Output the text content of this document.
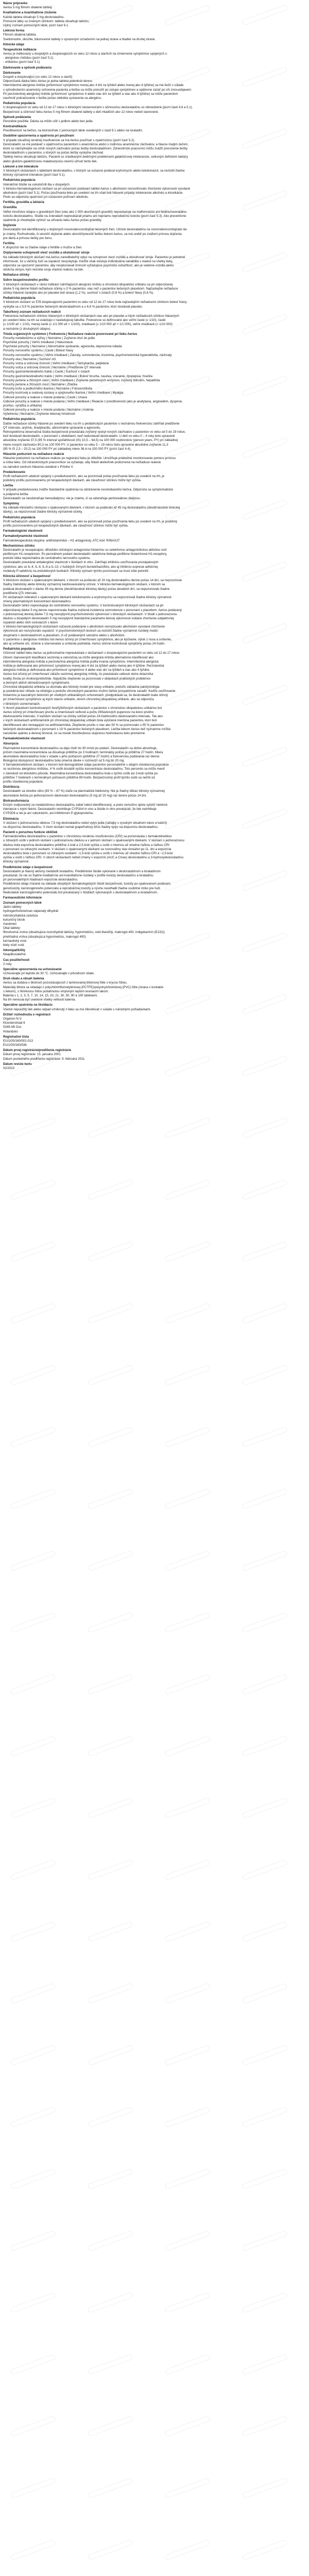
Názov prípravku
Aerius 5 mg filmom obalené tablety
Kvalitatívne a kvantitatívne zloženie
Každá tableta obsahuje 5 mg desloratadínu.
Pomocné látky so známym účinkom: tableta obsahuje laktózu.
Úplný zoznam pomocných látok, pozri časť 6.1.
Lieková forma
Filmom obalená tableta.
Svetlomodré, okrúhle, bikonvexné tablety s vyrazeným označením na jednej strane a hladké na druhej strane.
Klinické údaje
Terapeutické indikácie
Aerius je indikovaný u dospelých a dospievajúcich vo veku 12 rokov a starších na zmiernenie symptómov spojených s:
- alergickou rinitídou (pozri časť 5.1)
- urtikáriou (pozri časť 5.1)
Dávkovanie a spôsob podávania
Dávkovanie
Dospelí a dospievajúci (vo veku 12 rokov a starší)
Odporúčaná dávka lieku Aerius je jedna tableta jedenkrát denne.
Intermitentná alergická rinitída (prítomnosť symptómov menej ako 4 dni za týždeň alebo menej ako 4 týždne) sa má liečiť v súlade
s vyhodnotením anamnézy ochorenia pacienta a liečba sa môže prerušiť po ústupe symptómov a opätovne začať po ich znovuobjavení.
Pri perzistentnej alergickej rinitíde (prítomnosť symptómov 4 alebo viac dní za týždeň a viac ako 4 týždne) sa môže pacientom
navrhnúť pokračovanie v liečbe počas obdobia vystavenia sa alergénu.
Pediatrická populácia
U dospievajúcich vo veku od 12 do 17 rokov s klinickými skúsenosťami s účinnosťou desloratadínu sú obmedzené (pozri časti 4.8 a 5.1).
Bezpečnosť a účinnosť lieku Aerius 5 mg filmom obalené tablety u detí mladších ako 12 rokov neboli stanovené.
Spôsob podávania
Perorálne použitie. Dávka sa môže užiť s jedlom alebo bez jedla.
Kontraindikácie
Precitlivenosť na liečivo, na ktorúkoľvek z pomocných látok uvedených v časti 6.1 alebo na loratadín.
Osobitné upozornenia a opatrenia pri používaní
V prípade závažnej renálnej insuficiencie sa má Aerius používať s opatrnosťou (pozri časť 5.2).
Desloratadín sa má podávať s opatrnosťou pacientom s anamnézou alebo s rodinnou anamnézou záchvatov, a hlavne malým deťom,
ktoré sú náchylnejšie na vznik nových záchvatov počas liečby desloratadínom. Zdravotnícki pracovníci môžu zvážiť prerušenie liečby
desloratadínom u pacientov, u ktorých sa počas liečby vyskytne záchvat.
Tablety Aerius obsahujú laktózu. Pacienti so zriedkavými dedičnými problémami galaktózovej intolerancie, celkovým deficitom laktázy
alebo glukózo-galaktózovou malabsorpciou nesmú užívať tento liek.
Liekové a iné interakcie
V klinických skúšaniach s tabletami desloratadínu, v ktorých sa súčasne podával erytromycín alebo ketokonazol, sa nezistili žiadne
klinicky významné interakcie (pozri časť 5.1).
Pediatrická populácia
Interakčné štúdie sa uskutočnili iba u dospelých.
V klinicko-farmakologickom skúšaní sa pri súčasnom podávaní tabliet Aerius s alkoholom nezosilňovalo zhoršenie výkonnosti vyvolané
alkoholom (pozri časť 5.1). Počas používania lieku po uvedení na trh však boli hlásené prípady intolerancie alkoholu a intoxikácie.
Preto sa odporúča opatrnosť pri súčasnom požívaní alkoholu.
Fertilita, gravidita a laktácia
Gravidita
Veľké množstvo údajov u gravidných žien (viac ako 1 000 ukončených gravidít) nepoukazuje na malformačnú ani fetálnu/neonatálnu
toxicitu desloratadínu. Štúdie na zvieratách nepreukázali priamu ani nepriamu reprodukčnú toxicitu (pozri časť 5.3). Ako preventívne
opatrenie je vhodnejšie vyhnúť sa užívaniu lieku Aerius počas gravidity.
Dojčenie
Desloratadín bol identifikovaný u dojčených novorodencov/dojčiat liečených žien. Účinok desloratadínu na novorodencov/dojčatá nie
je známy. Rozhodnutie, či ukončiť dojčenie alebo ukončiť/prerušiť liečbu liekom Aerius, sa má urobiť po zvážení prínosu dojčenia
pre dieťa a prínosu liečby pre ženu.
Fertilita
K dispozícii nie sú žiadne údaje o fertilite u mužov a žien.
Ovplyvnenie schopnosti viesť vozidlá a obsluhovať stroje
Na základe klinických skúšaní má Aerius zanedbateľný vplyv na schopnosť viesť vozidlá a obsluhovať stroje. Pacientov je potrebné
informovať, že u väčšiny ľudí sa ospalosť nevyskytuje. Keďže však existuje individuálna variabilita v reakcii na všetky lieky,
odporúča sa upozorniť pacientov, aby nevykonávali činnosti vyžadujúce psychickú ostražitosť, ako je vedenie vozidla alebo
obsluha strojov, kým nezistia svoju vlastnú reakciu na liek.
Nežiaduce účinky
Súhrn bezpečnostného profilu
V klinických skúšaniach v rámci indikácií zahŕňajúcich alergickú rinitídu a chronickú idiopatickú urtikáriu sa pri odporúčanej
dávke 5 mg denne hlásili nežiaduce účinky u 3 % pacientov, viac než u pacientov liečených placebom. Najčastejšie nežiaduce
účinky hlásené častejšie ako pri placebe boli únava (1,2 %), suchosť v ústach (0,8 %) a bolesť hlavy (0,6 %).
Pediatrická populácia
V klinickom skúšaní so 578 dospievajúcimi pacientmi vo veku od 12 do 17 rokov bola najčastejším nežiaducim účinkom bolesť hlavy;
vyskytla sa u 5,9 % pacientov liečených desloratadínom a u 6,9 % pacientov, ktorí dostávali placebo.
Tabuľkový zoznam nežiaducich reakcií
Frekvencia nežiaducich účinkov hlásených v klinických skúšaniach viac ako pri placebe a iných nežiaducich účinkov hlásených
po uvedení lieku na trh sa uvádzajú v nasledujúcej tabuľke. Frekvencie sú definované ako veľmi časté (≥ 1/10), časté
(≥ 1/100 až < 1/10), menej časté (≥ 1/1 000 až < 1/100), zriedkavé (≥ 1/10 000 až < 1/1 000), veľmi zriedkavé (< 1/10 000)
a neznáme (z dostupných údajov).
Trieda orgánových systémov | Frekvencia | Nežiaduce reakcie pozorované pri lieku Aerius
Poruchy metabolizmu a výživy | Neznáme | Zvýšená chuť do jedla
Psychické poruchy | Veľmi zriedkavé | Halucinácie
Psychické poruchy | Neznáme | Abnormálne správanie, agresivita, depresívna nálada
Poruchy nervového systému | Časté | Bolesť hlavy
Poruchy nervového systému | Veľmi zriedkavé | Závraty, somnolencia, insomnia, psychomotorická hyperaktivita, záchvaty
Poruchy oka | Neznáme | Suchosť očí
Poruchy srdca a srdcovej činnosti | Veľmi zriedkavé | Tachykardia, palpitácie
Poruchy srdca a srdcovej činnosti | Neznáme | Predĺženie QT intervalu
Poruchy gastrointestinálneho traktu | Časté | Suchosť v ústach
Poruchy gastrointestinálneho traktu | Veľmi zriedkavé | Bolesť brucha, nauzea, vracanie, dyspepsia, hnačka
Poruchy pečene a žlčových ciest | Veľmi zriedkavé | Zvýšenie pečeňových enzýmov, zvýšený bilirubín, hepatitída
Poruchy pečene a žlčových ciest | Neznáme | Žltačka
Poruchy kože a podkožného tkaniva | Neznáme | Fotosenzitivita
Poruchy kostrovej a svalovej sústavy a spojivového tkaniva | Veľmi zriedkavé | Myalgia
Celkové poruchy a reakcie v mieste podania | Časté | Únava
Celkové poruchy a reakcie v mieste podania | Veľmi zriedkavé | Reakcie z precitlivenosti (ako je anafylaxia, angioedém, dyspnoe,
pruritus, vyrážka a urtikária)
Celkové poruchy a reakcie v mieste podania | Neznáme | Asténia
Vyšetrenia | Neznáme | Zvýšenie telesnej hmotnosti
Pediatrická populácia
Ďalšie nežiaduce účinky hlásené po uvedení lieku na trh u pediatrických pacientov s neznámou frekvenciou zahŕňali predĺženie
QT intervalu, arytmiu, bradykardiu, abnormálne správanie a agresivitu.
Retrospektívna observačná štúdia bezpečnosti preukázala zvýšený výskyt nových záchvatov u pacientov vo veku od 0 do 19 rokov,
keď dostávali desloratadín, v porovnaní s obdobiami, keď nedostávali desloratadín. U detí vo veku 0 – 4 roky bolo upravené
absolútne zvýšenie 37,5 (95 % interval spoľahlivosti (IS) 10,5 – 64,5) na 100 000 osoborokov (person years, PY) pri základnej
miere nových záchvatov 80,3 na 100 000 PY. U pacientov vo veku 5 – 19 rokov bolo upravené absolútne zvýšenie 11,3
(95 % IS 2,3 – 20,2) na 100 000 PY pri základnej miere 36,4 na 100 000 PY (pozri časť 4.4).
Hlásenie podozrení na nežiaduce reakcie
Hlásenie podozrení na nežiaduce reakcie po registrácii lieku je dôležité. Umožňuje priebežné monitorovanie pomeru prínosu
a rizika lieku. Od zdravotníckych pracovníkov sa vyžaduje, aby hlásili akékoľvek podozrenia na nežiaduce reakcie
na národné centrum hlásenia uvedené v Prílohe V.
Predávkovanie
Profil nežiaducich udalostí spojený s predávkovaním, ako sa pozorovali počas používania lieku po uvedení na trh, je
podobný profilu pozorovanému pri terapeutických dávkach, ale závažnosť účinkov môže byť vyššia.
Liečba
V prípade predávkovania zvážte štandardné opatrenia na odstránenie nevstrebaného liečiva. Odporúča sa symptomatická
a podporná liečba.
Desloratadín sa neodstraňuje hemodialýzou; nie je známe, či sa odstraňuje peritoneálnou dialýzou.
Symptómy
Na základe klinického skúšania s opakovanými dávkami, v ktorom sa podávalo až 45 mg desloratadínu (deväťnásobok klinickej
dávky), sa nepozorovali žiadne klinicky významné účinky.
Pediatrická populácia
Profil nežiaducich udalostí spojený s predávkovaním, ako sa pozorovali počas používania lieku po uvedení na trh, je podobný
profilu pozorovanému pri terapeutických dávkach, ale závažnosť účinkov môže byť vyššia.
Farmakologické vlastnosti
Farmakodynamické vlastnosti
Farmakoterapeutická skupina: antihistaminiká – H1 antagonisty, ATC kód: R06AX27
Mechanizmus účinku
Desloratadín je neuspávajúci, dlhodobo účinkujúci antagonista histamínu so selektívnou antagonistickou aktivitou voči
periférnym H1-receptorom. Po perorálnom podaní desloratadín selektívne blokuje periférne histamínové H1-receptory,
pretože látka neprechádza do centrálneho nervového systému.
Desloratadín preukázal antialergické vlastnosti v štúdiách in vitro. Zahŕňajú inhibíciu uvoľňovania prozápalových
cytokínov, ako sú IL-4, IL-6, IL-8 a IL-13, z ľudských žírnych buniek/bazofilov, ako aj inhibíciu expresie adhéznej
molekuly P-selektínu na endotelových bunkách. Klinický význam týchto pozorovaní sa musí ešte potvrdiť.
Klinická účinnosť a bezpečnosť
V klinickom skúšaní s opakovanými dávkami, v ktorom sa podávalo až 20 mg desloratadínu denne počas 14 dní, sa nepozoroval
žiadny štatisticky alebo klinicky významný kardiovaskulárny účinok. V klinicko-farmakologickom skúšaní, v ktorom sa
podával desloratadín v dávke 45 mg denne (deväťnásobok klinickej dávky) počas desiatich dní, sa nepozorovalo žiadne
predĺženie QTc intervalu.
Pri skúšaniach interakcií s opakovanými dávkami ketokonazolu a erytromycínu sa nepozorovali žiadne klinicky významné
zmeny plazmatických koncentrácií desloratadínu.
Desloratadín ľahko neprestupuje do centrálneho nervového systému. V kontrolovaných klinických skúšaniach sa pri
odporúčanej dávke 5 mg denne nepozorovala žiadna zvýšená incidencia somnolencie v porovnaní s placebom. Aerius podávaný
v jednorazovej dennej dávke 7,5 mg neovplyvnil psychomotorickú výkonnosť v klinických skúšaniach. V štúdii s jednorazovou
dávkou u dospelých desloratadín 5 mg neovplyvnil štandardné parametre letovej výkonnosti vrátane zhoršenia subjektívnej
ospalosti alebo úloh súvisiacich s letom.
V klinicko-farmakologických skúšaniach súčasné podávanie s alkoholom nezvyšovalo alkoholom vyvolané zhoršenie
výkonnosti ani nezvyšovalo ospalosť. V psychomotorických testoch sa nezistili žiadne významné rozdiely medzi
skupinami s desloratadínom a placebom, či už podávanými samotne alebo s alkoholom.
U pacientov s alergickou rinitídou bol Aerius účinný pri zmierňovaní symptómov, ako je kýchanie, výtok z nosa a svrbenie,
ako aj svrbenie očí, slzenie a sčervenanie a svrbenie podnebia. Aerius účinne kontroloval symptómy počas 24 hodín.
Pediatrická populácia
Účinnosť tabliet lieku Aerius sa jednoznačne nepreukázala v skúšaniach s dospievajúcimi pacientmi vo veku od 12 do 17 rokov.
Okrem stanovených klasifikácií sezónnej a celoročnej sa môže alergická rinitída alternatívne klasifikovať ako
intermitentná alergická rinitída a perzistentná alergická rinitída podľa trvania symptómov. Intermitentná alergická
rinitída je definovaná ako prítomnosť symptómov menej ako 4 dni za týždeň alebo menej ako 4 týždne. Perzistentná
alergická rinitída je definovaná ako prítomnosť symptómov 4 alebo viac dní za týždeň a viac ako 4 týždne.
Aerius bol účinný pri zmierňovaní záťaže sezónnej alergickej rinitídy, čo preukázalo celkové skóre dotazníka
kvality života pri rinokonjunktivitíde. Najväčšie zlepšenie sa pozorovalo v oblastiach praktických problémov
a denných aktivít obmedzovaných symptómami.
Chronická idiopatická urtikária sa skúmala ako klinický model pre stavy urtikárie, pretože základná patofyziológia
je podobná bez ohľadu na etiológiu a pretože chronických pacientov možno ľahšie prospektívne zaradiť. Keďže uvoľňovanie
histamínu je kauzálnym faktorom pri všetkých urtikáriálnych ochoreniach, predpokladá sa, že desloratadín bude účinný
pri zmierňovaní symptómov aj iných stavov urtikárie, okrem chronickej idiopatickej urtikárie, ako sa odporúča
v klinických usmerneniach.
V dvoch placebom kontrolovaných šesťtýždňových skúšaniach u pacientov s chronickou idiopatickou urtikáriou bol
Aerius účinný pri zmierňovaní pruritu a zmenšovaní veľkosti a počtu žihľavkových pupencov na konci prvého
dávkovacieho intervalu. V každom skúšaní sa účinky udržali počas 24-hodinového dávkovacieho intervalu. Tak ako
v iných skúšaniach antihistaminík pri chronickej idiopatickej urtikárii bola vylúčená menšina pacientov, ktorí boli
identifikovaní ako nereagujúci na antihistaminiká. Zlepšenie pruritu o viac ako 50 % sa pozorovalo u 55 % pacientov
liečených desloratadínom v porovnaní s 19 % pacientov liečených placebom. Liečba liekom Aerius tiež významne znížila
narušenie spánku a dennej činnosti, čo sa merali štvorbodovou stupnicou hodnotiacou tieto premenné.
Farmakokinetické vlastnosti
Absorpcia
Plazmatické koncentrácie desloratadínu sa dajú zistiť do 30 minút po podaní. Desloratadín sa dobre absorbuje,
pričom maximálna koncentrácia sa dosahuje približne po 3 hodinách; terminálny polčas je približne 27 hodín. Miera
akumulácie desloratadínu bola v súlade s jeho polčasom (približne 27 hodín) a frekvenciou podávania raz denne.
Biologická dostupnosť desloratadínu bola úmerná dávke v rozmedzí od 5 mg do 20 mg.
V farmakokinetickom skúšaní, v ktorom boli demografické údaje pacientov porovnateľné s údajmi všeobecnej populácie
so sezónnou alergickou rinitídou, 4 % osôb dosiahli vyššiu koncentráciu desloratadínu. Toto percento sa môže meniť
v závislosti od etnického pôvodu. Maximálna koncentrácia desloratadínu bola u týchto osôb asi 3-krát vyššia po
približne 7 hodinách s terminálnym polčasom približne 89 hodín. Bezpečnostný profil týchto osôb sa nelíšil od
profilu všeobecnej populácie.
Distribúcia
Desloratadín sa stredne silno (83 % – 87 %) viaže na plazmatické bielkoviny. Nie je žiadny dôkaz klinicky významnej
akumulácie liečiva po jednorazovom dávkovaní desloratadínu (5 mg až 20 mg) raz denne počas 14 dní.
Biotransformácia
Enzým zodpovedný za metabolizmus desloratadínu zatiaľ nebol identifikovaný, a preto nemožno úplne vylúčiť niektoré
interakcie s inými liekmi. Desloratadín neinhibuje CYP3A4 in vivo a štúdie in vitro preukázali, že liek neinhibuje
CYP2D6 a nie je ani substrátom, ani inhibítorom P-glykoproteínu.
Eliminácia
V skúšaní s jednorazovou dávkou 7,5 mg desloratadínu nebol vplyv jedla (raňajky s vysokým obsahom tukov a kalórií)
na dispozíciu desloratadínu. V inom skúšaní nemal grapefruitový džús žiadny vplyv na dispozíciu desloratadínu.
Pacienti s poruchou funkcie obličiek
Farmakokinetika desloratadínu u pacientov s chronickou renálnou insuficienciou (CRI) sa porovnávala s farmakokinetikou
u zdravých osôb v jednom skúšaní s jednorazovou dávkou a v jednom skúšaní s opakovanými dávkami. V skúšaní s jednorazovou
dávkou bola expozícia desloratadínu približne 2-krát a 2,5-krát vyššia u osôb s miernou až stredne ťažkou a ťažkou CRI
v porovnaní so zdravými osobami. V skúšaní s opakovanými dávkami sa rovnovážny stav dosiahol po 11. dni a expozícia
desloratadínu bola v porovnaní so zdravými osobami ~1,5-krát vyššia u osôb s miernou až stredne ťažkou CRI a ~2,5-krát
vyššia u osôb s ťažkou CRI. V oboch skúšaniach neboli zmeny v expozícii (AUC a Cmax) desloratadínu a 3-hydroxydesloratadínu
klinicky významné.
Predklinické údaje o bezpečnosti
Desloratadín je hlavný aktívny metabolit loratadínu. Predklinické štúdie vykonané s desloratadínom a loratadínom
preukázali, že nie sú žiadne kvalitatívne ani kvantitatívne rozdiely v profile toxicity desloratadínu a loratadínu
pri porovnateľných hladinách expozície desloratadínu.
Predklinické údaje získané na základe obvyklých farmakologických štúdií bezpečnosti, toxicity po opakovanom podávaní,
genotoxicity, karcinogénneho potenciálu a reprodukčnej toxicity a vývinu neodhalili žiadne osobitné riziko pre ľudí.
Nedostatok karcinogénneho potenciálu bol preukázaný v štúdiách vykonaných s desloratadínom a loratadínom.
Farmaceutické informácie
Zoznam pomocných látok
Jadro tablety:
hydrogenfosforečnan vápenatý dihydrát
mikrokryštalická celulóza
kukuričný škrob
mastenec
Obal tablety:
filmotvorná vrstva (obsahujúca monohydrát laktózy, hypromelózu, oxid titaničitý, makrogol 400, indigokarmín (E132))
priehľadná vrstva (obsahujúca hypromelózu, makrogol 400)
karnaubský vosk
biely včelí vosk
Inkompatibility
Neaplikovateľné.
Čas použiteľnosti
2 roky
Špeciálne upozornenia na uchovávanie
Uchovávajte pri teplote do 30 °C. Uchovávajte v pôvodnom obale.
Druh obalu a obsah balenia
Aerius sa dodáva v blistroch pozostávajúcich z laminovanej blistrovej fólie s krycou fóliou.
Materiály blistra sa skladajú z polychlórtrifluóretylénovej (PCTFE)/polyvinylchloridovej (PVC) fólie (strana v kontakte
s liekom), s hliníkovou fóliou potiahnutou vinylovým teplom tesniacim lakom.
Balenia s 1, 2, 3, 5, 7, 10, 14, 15, 20, 21, 30, 50, 90 a 100 tabletami.
Na trh nemusia byť uvedené všetky veľkosti balenia.
Špeciálne opatrenia na likvidáciu
Všetok nepoužitý liek alebo odpad vzniknutý z lieku sa má zlikvidovať v súlade s národnými požiadavkami.
Držiteľ rozhodnutia o registrácii
Organon N.V.
Kloosterstraat 6
5349 AB Oss
Holandsko
Registračné čísla
EU/1/00/160/001-013
EU/1/00/160/036
Dátum prvej registrácie/predĺženia registrácie
Dátum prvej registrácie: 15. januára 2001
Dátum posledného predĺženia registrácie: 9. februára 2011
Dátum revízie textu
02/2023
